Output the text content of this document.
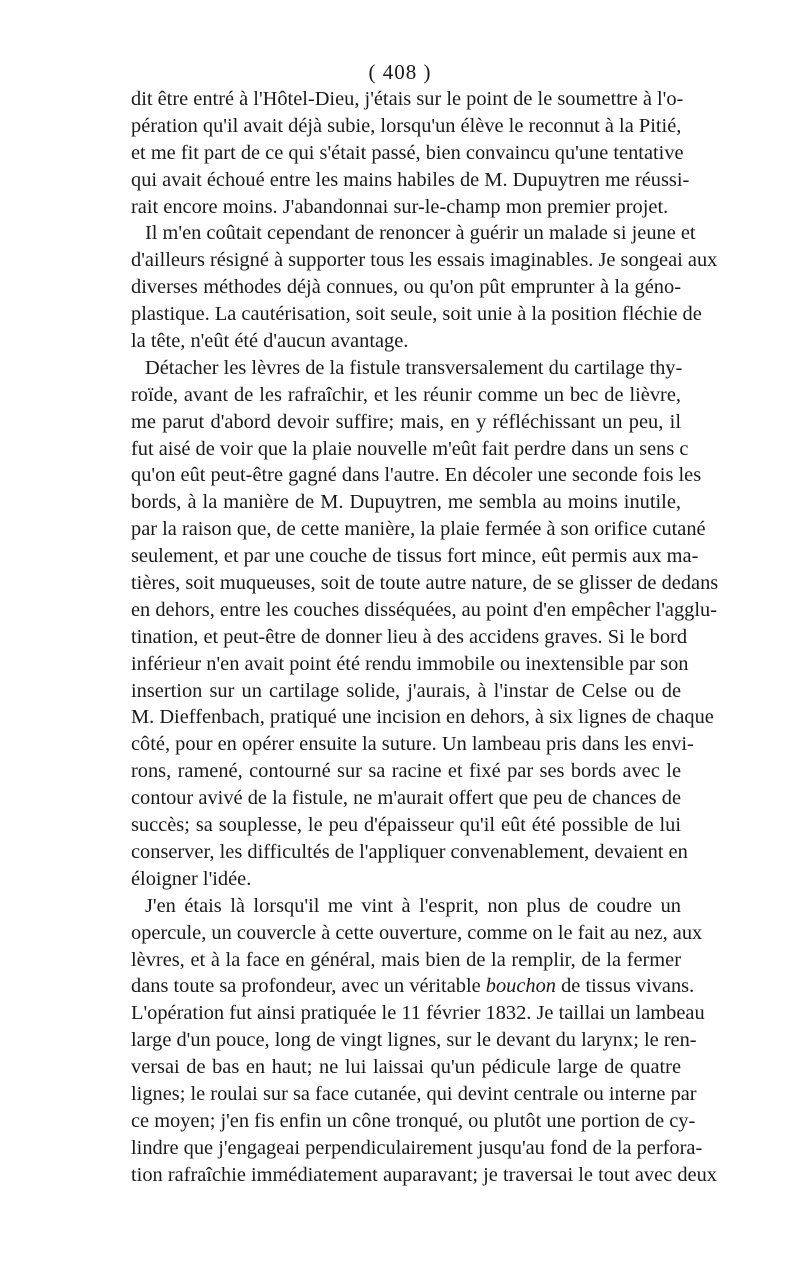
( 408 )
dit être entré à l'Hôtel-Dieu, j'étais sur le point de le soumettre à l'o-
pération qu'il avait déjà subie, lorsqu'un élève le reconnut à la Pitié,
et me fit part de ce qui s'était passé, bien convaincu qu'une tentative
qui avait échoué entre les mains habiles de M. Dupuytren me réussi-
rait encore moins. J'abandonnai sur-le-champ mon premier projet.
Il m'en coûtait cependant de renoncer à guérir un malade si jeune et
d'ailleurs résigné à supporter tous les essais imaginables. Je songeai aux
diverses méthodes déjà connues, ou qu'on pût emprunter à la géno-
plastique. La cautérisation, soit seule, soit unie à la position fléchie de
la tête, n'eût été d'aucun avantage.
Détacher les lèvres de la fistule transversalement du cartilage thy-
roïde, avant de les rafraîchir, et les réunir comme un bec de lièvre,
me parut d'abord devoir suffire; mais, en y réfléchissant un peu, il
fut aisé de voir que la plaie nouvelle m'eût fait perdre dans un sens c
qu'on eût peut-être gagné dans l'autre. En décoler une seconde fois les
bords, à la manière de M. Dupuytren, me sembla au moins inutile,
par la raison que, de cette manière, la plaie fermée à son orifice cutané
seulement, et par une couche de tissus fort mince, eût permis aux ma-
tières, soit muqueuses, soit de toute autre nature, de se glisser de dedans
en dehors, entre les couches disséquées, au point d'en empêcher l'agglu-
tination, et peut-être de donner lieu à des accidens graves. Si le bord
inférieur n'en avait point été rendu immobile ou inextensible par son
insertion sur un cartilage solide, j'aurais, à l'instar de Celse ou de
M. Dieffenbach, pratiqué une incision en dehors, à six lignes de chaque
côté, pour en opérer ensuite la suture. Un lambeau pris dans les envi-
rons, ramené, contourné sur sa racine et fixé par ses bords avec le
contour avivé de la fistule, ne m'aurait offert que peu de chances de
succès; sa souplesse, le peu d'épaisseur qu'il eût été possible de lui
conserver, les difficultés de l'appliquer convenablement, devaient en
éloigner l'idée.
J'en étais là lorsqu'il me vint à l'esprit, non plus de coudre un
opercule, un couvercle à cette ouverture, comme on le fait au nez, aux
lèvres, et à la face en général, mais bien de la remplir, de la fermer
dans toute sa profondeur, avec un véritable bouchon de tissus vivans.
L'opération fut ainsi pratiquée le 11 février 1832. Je taillai un lambeau
large d'un pouce, long de vingt lignes, sur le devant du larynx; le ren-
versai de bas en haut; ne lui laissai qu'un pédicule large de quatre
lignes; le roulai sur sa face cutanée, qui devint centrale ou interne par
ce moyen; j'en fis enfin un cône tronqué, ou plutôt une portion de cy-
lindre que j'engageai perpendiculairement jusqu'au fond de la perfora-
tion rafraîchie immédiatement auparavant; je traversai le tout avec deux
